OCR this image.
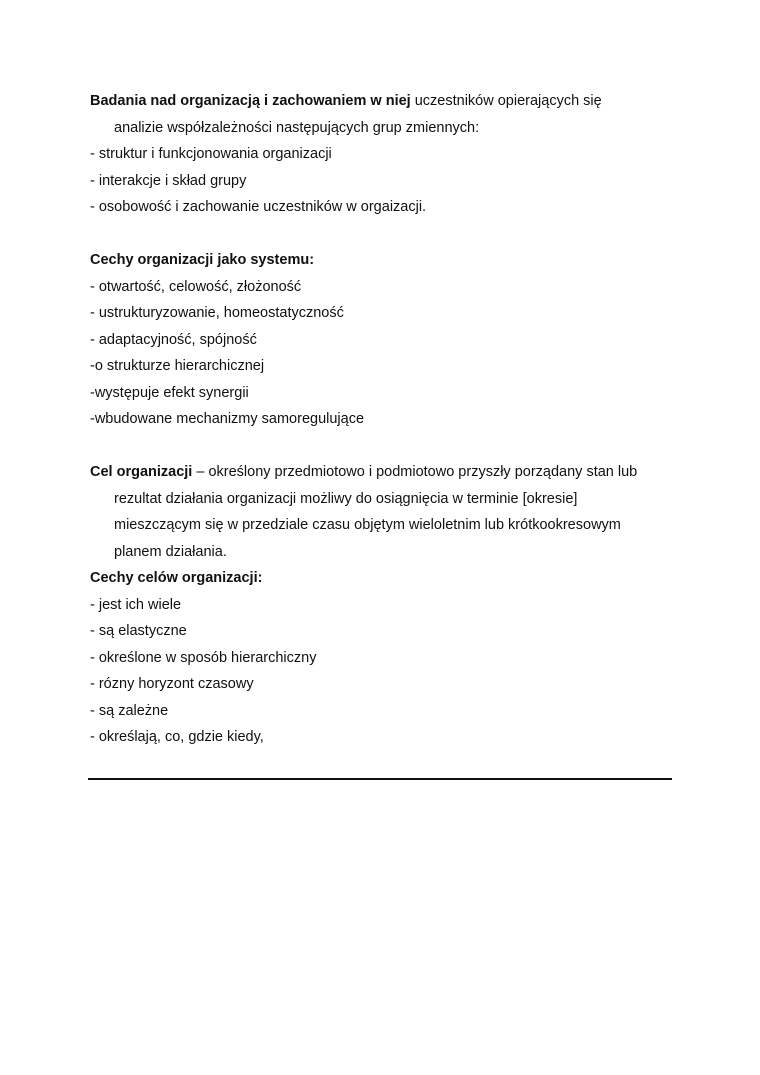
Badania nad organizacją i zachowaniem w niej uczestników opierających się
analizie współzależności następujących grup zmiennych:
- struktur i funkcjonowania organizacji
- interakcje i skład grupy
- osobowość i zachowanie uczestników w orgaizacji.
Cechy organizacji jako systemu:
- otwartość, celowość, złożoność
- ustrukturyzowanie, homeostatyczność
- adaptacyjność, spójność
-o strukturze hierarchicznej
-występuje efekt synergii
-wbudowane mechanizmy samoregulujące
Cel organizacji – określony przedmiotowo i podmiotowo przyszły porządany stan lub
rezultat działania organizacji możliwy do osiągnięcia w terminie [okresie]
mieszczącym się w przedziale czasu objętym wieloletnim lub krótkookresowym
planem działania.
Cechy celów organizacji:
- jest ich wiele
- są elastyczne
- określone w sposób hierarchiczny
- rózny horyzont czasowy
- są zależne
- określają, co, gdzie kiedy,
